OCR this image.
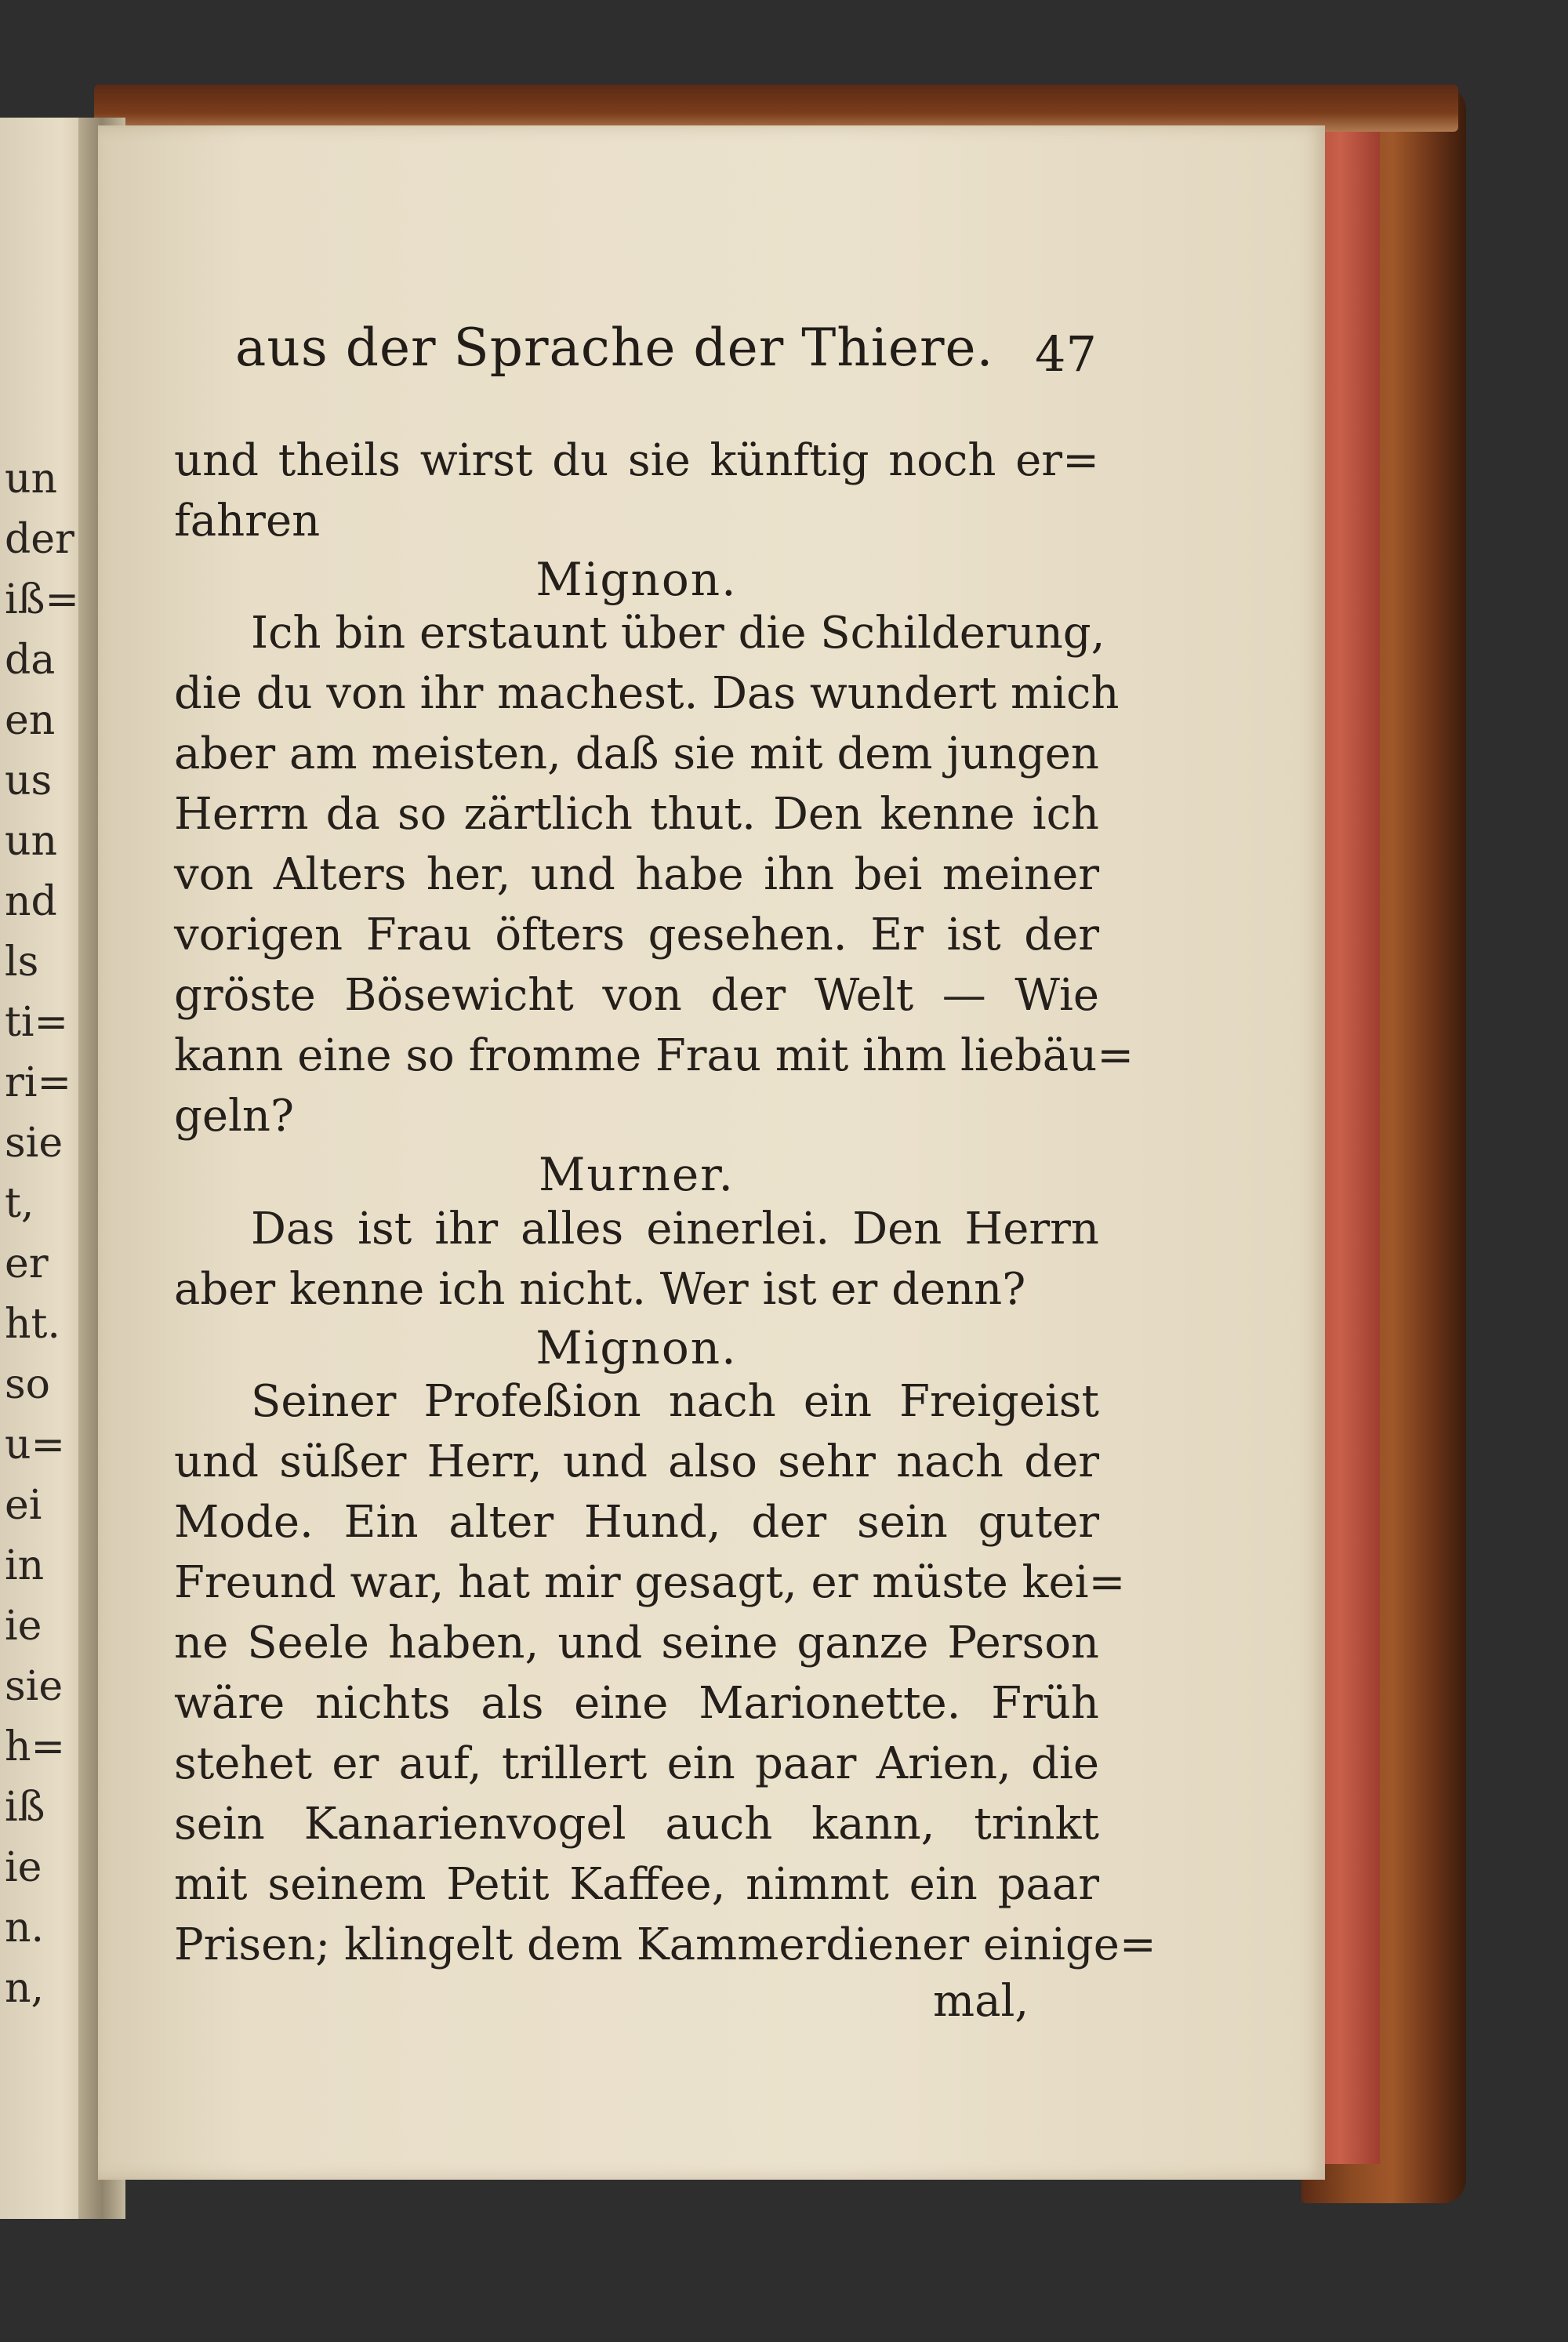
un
der
iß=
da
en
us
un
nd
ls
ti=
ri=
sie
t,
er
ht.
so
u=
ei
in
ie
sie
h=
iß
ie
n.
n,
aus der Sprache der Thiere. 47
und theils wirst du sie künftig noch er=
fahren
Mignon.
Ich bin erstaunt über die Schilderung,
die du von ihr machest. Das wundert mich
aber am meisten, daß sie mit dem jungen
Herrn da so zärtlich thut. Den kenne ich
von Alters her, und habe ihn bei meiner
vorigen Frau öfters gesehen. Er ist der
gröste Bösewicht von der Welt — Wie
kann eine so fromme Frau mit ihm liebäu=
geln?
Murner.
Das ist ihr alles einerlei. Den Herrn
aber kenne ich nicht. Wer ist er denn?
Mignon.
Seiner Profeßion nach ein Freigeist
und süßer Herr, und also sehr nach der
Mode. Ein alter Hund, der sein guter
Freund war, hat mir gesagt, er müste kei=
ne Seele haben, und seine ganze Person
wäre nichts als eine Marionette. Früh
stehet er auf, trillert ein paar Arien, die
sein Kanarienvogel auch kann, trinkt
mit seinem Petit Kaffee, nimmt ein paar
Prisen; klingelt dem Kammerdiener einige=
mal,
